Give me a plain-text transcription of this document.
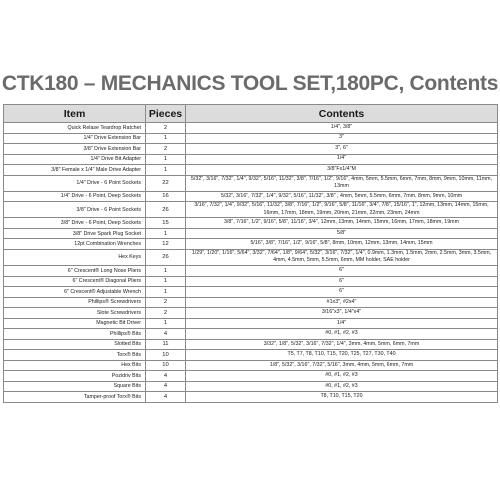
CTK180 – MECHANICS TOOL SET,180PC, Contents
Item	Pieces	Contents
Quick Relase Teardrop Ratchet	2	1/4", 3/8"
1/4" Drive Extension Bar	1	3"
3/8" Drive Extension Bar	2	3", 6"
1/4" Drive Bit Adapter	1	1/4"
3/8" Female x 1/4" Male Drive Adapter	1	3/8"Fx1/4"M
1/4" Drive - 6 Point Sockets	22	5/32", 3/16", 7/32", 1/4", 9/32", 5/16", 11/32", 3/8", 7/16", 1/2", 9/16", 4mm, 5mm, 5.5mm, 6mm, 7mm, 8mm, 9mm, 10mm, 11mm, 13mm
1/4" Drive - 6 Point, Deep Sockets	16	5/32", 3/16", 7/32", 1/4", 9/32", 5/16", 11/32", 3/8" , 4mm, 5mm, 5.5mm, 6mm, 7mm, 8mm, 9mm, 10mm
3/8" Drive - 6 Point Sockets	26	3/16", 7/32", 1/4", 9/32", 5/16", 11/32", 3/8", 7/16", 1/2", 9/16", 5/8", 11/16", 3/4", 7/8", 15/16", 1", 12mm, 13mm, 14mm, 15mm, 16mm, 17mm, 18mm, 19mm, 20mm, 21mm, 22mm, 23mm, 24mm
3/8" Drive - 6 Point, Deep Sockets	15	3/8", 7/16", 1/2", 9/16", 5/8", 11/16", 3/4", 12mm, 13mm, 14mm, 15mm, 16mm, 17mm, 18mm, 19mm
3/8" Drive Spark Plug Socket	1	5/8"
12pt Combination Wrenches	12	5/16", 3/8", 7/16", 1/2", 9/16", 5/8", 8mm, 10mm, 12mm, 13mm, 14mm, 15mm
Hex Keys	26	1/29", 1/20", 1/16", 5/64", 3/32", 7/64", 1/8", 9/64", 5/32", 3/16", 7/32", 1/4", 0.9mm, 1.3mm, 1.5mm, 2mm, 2.5mm, 3mm, 3.5mm, 4mm, 4.5mm, 5mm, 5.5mm, 6mm, MM holder, SAE holder
6" Crescent® Long Nose Pliers	1	6"
6" Crescent® Diagonal Pliers	1	6"
6" Crescent® Adjustable Wrench	1	6"
Phillips® Screwdrivers	2	#1x3", #2x4"
Slote Screwdrivers	2	3/16"x3", 1/4"x4"
Magnetic Bit Driver	1	1/4"
Phillips® Bits	4	#0, #1, #2, #3
Slotted Bits	11	3/32", 1/8", 5/32", 3/16", 7/32", 1/4", 3mm, 4mm, 5mm, 6mm, 7mm
Torx® Bits	10	T5, T7, T8, T10, T15, T20, T25, T27, T30, T40
Hex Bits	10	1/8", 5/32", 3/16", 7/32", 5/16", 3mm, 4mm, 5mm, 6mm, 7mm
Pozidriv Bits	4	#0, #1, #2, #3
Square Bits	4	#0, #1, #2, #3
Tamper-proof Torx® Bits	4	T8, T10, T15, T20
